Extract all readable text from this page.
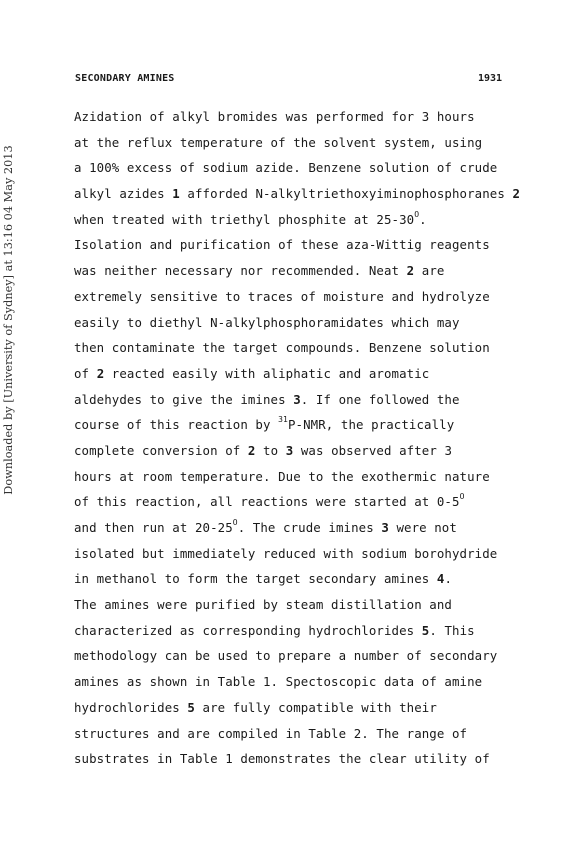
SECONDARY AMINES	1931
Downloaded by [University of Sydney] at 13:16 04 May 2013
Azidation of alkyl bromides was performed for 3 hours
at the reflux temperature of the solvent system, using
a 100% excess of sodium azide. Benzene solution of crude
alkyl azides 1 afforded N-alkyltriethoxyiminophosphoranes 2
when treated with triethyl phosphite at $25-30^O$.
Isolation and purification of these aza-Wittig reagents
was neither necessary nor recommended. Neat 2 are
extremely sensitive to traces of moisture and hydrolyze
easily to diethyl N-alkylphosphoramidates which may
then contaminate the target compounds. Benzene solution
of 2 reacted easily with aliphatic and aromatic
aldehydes to give the imines 3. If one followed the
course of this reaction by $^{31}$P-NMR, the practically
complete conversion of 2 to 3 was observed after 3
hours at room temperature. Due to the exothermic nature
of this reaction, all reactions were started at $0-5^O$
and then run at $20-25^O$. The crude imines 3 were not
isolated but immediately reduced with sodium borohydride
in methanol to form the target secondary amines 4.
The amines were purified by steam distillation and
characterized as corresponding hydrochlorides 5. This
methodology can be used to prepare a number of secondary
amines as shown in Table 1. Spectoscopic data of amine
hydrochlorides 5 are fully compatible with their
structures and are compiled in Table 2. The range of
substrates in Table 1 demonstrates the clear utility of
